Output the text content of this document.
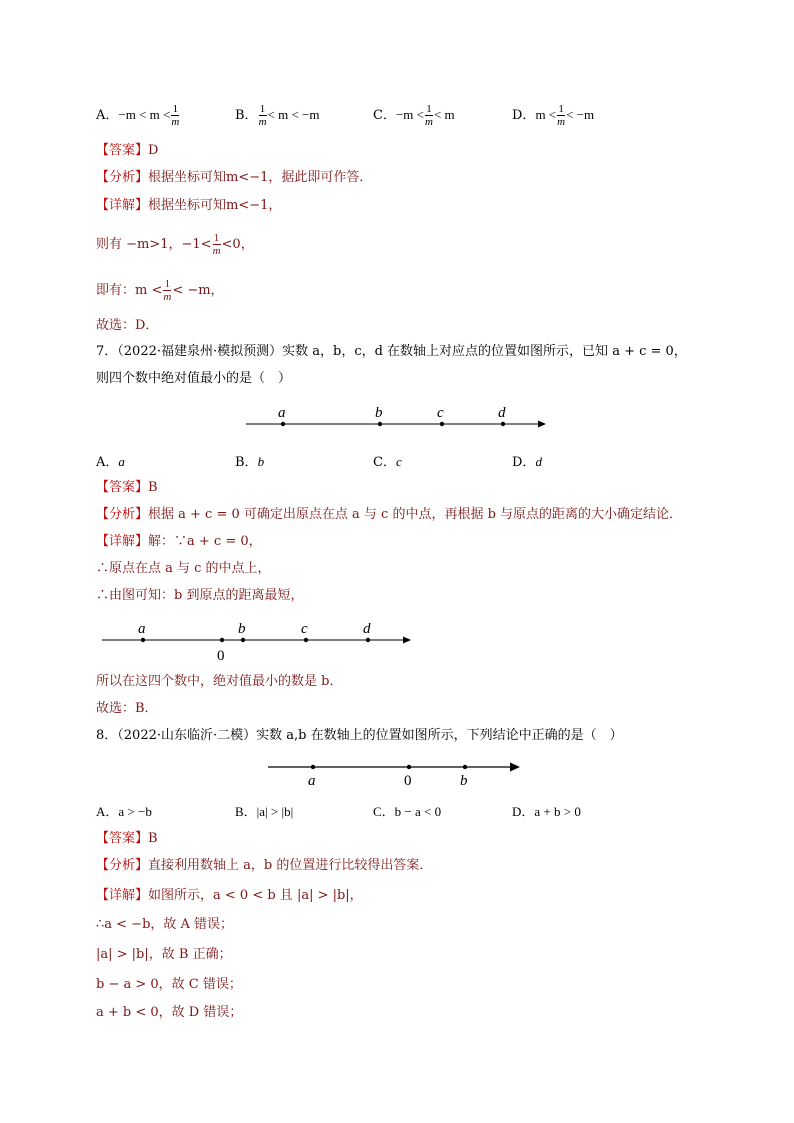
A．$-m < m < \frac{1}{m}$	B． $\frac{1}{m} < m < -m$	C．$-m < \frac{1}{m} < m$	D．$m < \frac{1}{m} < -m$
【答案】D
【分析】根据坐标可知m<−1，据此即可作答．
【详解】根据坐标可知m<−1，
则有 −m>1，$-1< \frac{1}{m} <0$，
即有：$m < \frac{1}{m} < -m$，
故选：D．
7．（2022·福建泉州·模拟预测）实数 a，b，c，d 在数轴上对应点的位置如图所示，已知 a + c = 0，
则四个数中绝对值最小的是（　）
a	b	c	d
A．a	B．b	C．c	D．d
【答案】B
【分析】根据 a + c = 0 可确定出原点在点 a 与 c 的中点，再根据 b 与原点的距离的大小确定结论．
【详解】解：∵a + c = 0，
∴原点在点 a 与 c 的中点上，
∴由图可知：b 到原点的距离最短，
a	b	c	d
0
所以在这四个数中，绝对值最小的数是 b．
故选：B．
8．（2022·山东临沂·二模）实数 a,b 在数轴上的位置如图所示，下列结论中正确的是（　）
a	0	b
A．a > −b	B．|a| > |b|	C．b − a < 0	D．a + b > 0
【答案】B
【分析】直接利用数轴上 a，b 的位置进行比较得出答案．
【详解】如图所示，a < 0 < b 且 |a| > |b|，
∴a < −b，故 A 错误；
|a| > |b|，故 B 正确；
b − a > 0，故 C 错误；
a + b < 0，故 D 错误；
